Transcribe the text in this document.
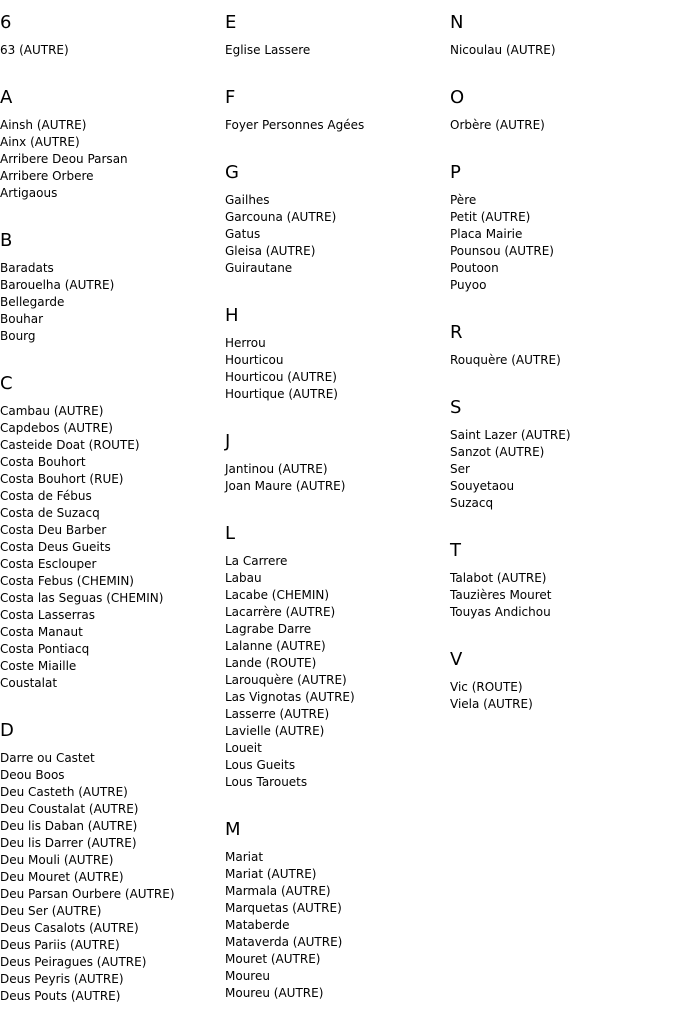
6
63 (AUTRE)
A
Ainsh (AUTRE)
Ainx (AUTRE)
Arribere Deou Parsan
Arribere Orbere
Artigaous
B
Baradats
Barouelha (AUTRE)
Bellegarde
Bouhar
Bourg
C
Cambau (AUTRE)
Capdebos (AUTRE)
Casteide Doat (ROUTE)
Costa Bouhort
Costa Bouhort (RUE)
Costa de Fébus
Costa de Suzacq
Costa Deu Barber
Costa Deus Gueits
Costa Esclouper
Costa Febus (CHEMIN)
Costa las Seguas (CHEMIN)
Costa Lasserras
Costa Manaut
Costa Pontiacq
Coste Miaille
Coustalat
D
Darre ou Castet
Deou Boos
Deu Casteth (AUTRE)
Deu Coustalat (AUTRE)
Deu lis Daban (AUTRE)
Deu lis Darrer (AUTRE)
Deu Mouli (AUTRE)
Deu Mouret (AUTRE)
Deu Parsan Ourbere (AUTRE)
Deu Ser (AUTRE)
Deus Casalots (AUTRE)
Deus Pariis (AUTRE)
Deus Peiragues (AUTRE)
Deus Peyris (AUTRE)
Deus Pouts (AUTRE)
E
Eglise Lassere
F
Foyer Personnes Agées
G
Gailhes
Garcouna (AUTRE)
Gatus
Gleisa (AUTRE)
Guirautane
H
Herrou
Hourticou
Hourticou (AUTRE)
Hourtique (AUTRE)
J
Jantinou (AUTRE)
Joan Maure (AUTRE)
L
La Carrere
Labau
Lacabe (CHEMIN)
Lacarrère (AUTRE)
Lagrabe Darre
Lalanne (AUTRE)
Lande (ROUTE)
Larouquère (AUTRE)
Las Vignotas (AUTRE)
Lasserre (AUTRE)
Lavielle (AUTRE)
Loueit
Lous Gueits
Lous Tarouets
M
Mariat
Mariat (AUTRE)
Marmala (AUTRE)
Marquetas (AUTRE)
Mataberde
Mataverda (AUTRE)
Mouret (AUTRE)
Moureu
Moureu (AUTRE)
N
Nicoulau (AUTRE)
O
Orbère (AUTRE)
P
Père
Petit (AUTRE)
Placa Mairie
Pounsou (AUTRE)
Poutoon
Puyoo
R
Rouquère (AUTRE)
S
Saint Lazer (AUTRE)
Sanzot (AUTRE)
Ser
Souyetaou
Suzacq
T
Talabot (AUTRE)
Tauzières Mouret
Touyas Andichou
V
Vic (ROUTE)
Viela (AUTRE)
